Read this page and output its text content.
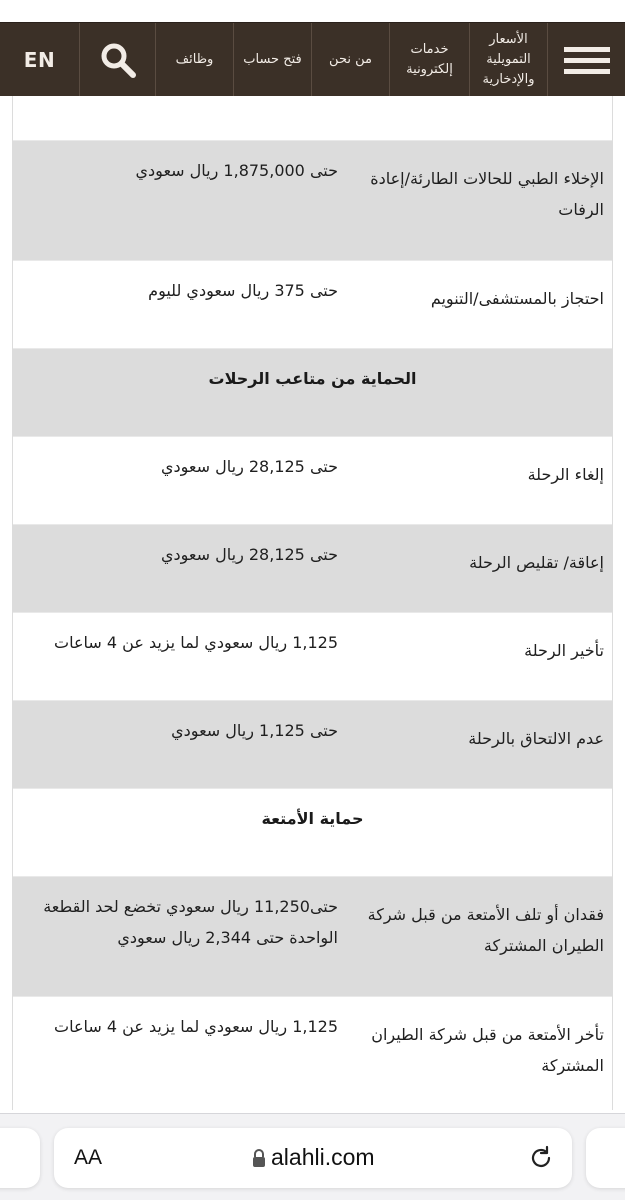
EN	وظائف فتح حساب من نحن
خدمات إلكترونية
الأسعار التمويلية والإدخارية
الإخلاء الطبي للحالات الطارئة/إعادة الرفات
حتى 1,875,000 ريال سعودي
احتجاز بالمستشفى/التنويم
حتى 375 ريال سعودي لليوم
الحماية من متاعب الرحلات
إلغاء الرحلة
حتى 28,125 ريال سعودي
إعاقة/ تقليص الرحلة
حتى 28,125 ريال سعودي
تأخير الرحلة
1,125 ريال سعودي لما يزيد عن 4 ساعات
عدم الالتحاق بالرحلة
حتى 1,125 ريال سعودي
حماية الأمتعة
فقدان أو تلف الأمتعة من قبل شركة الطيران المشتركة
حتى11,250 ريال سعودي تخضع لحد القطعة الواحدة حتى 2,344 ريال سعودي
تأخر الأمتعة من قبل شركة الطيران المشتركة
1,125 ريال سعودي لما يزيد عن 4 ساعات
AA	alahli.com
